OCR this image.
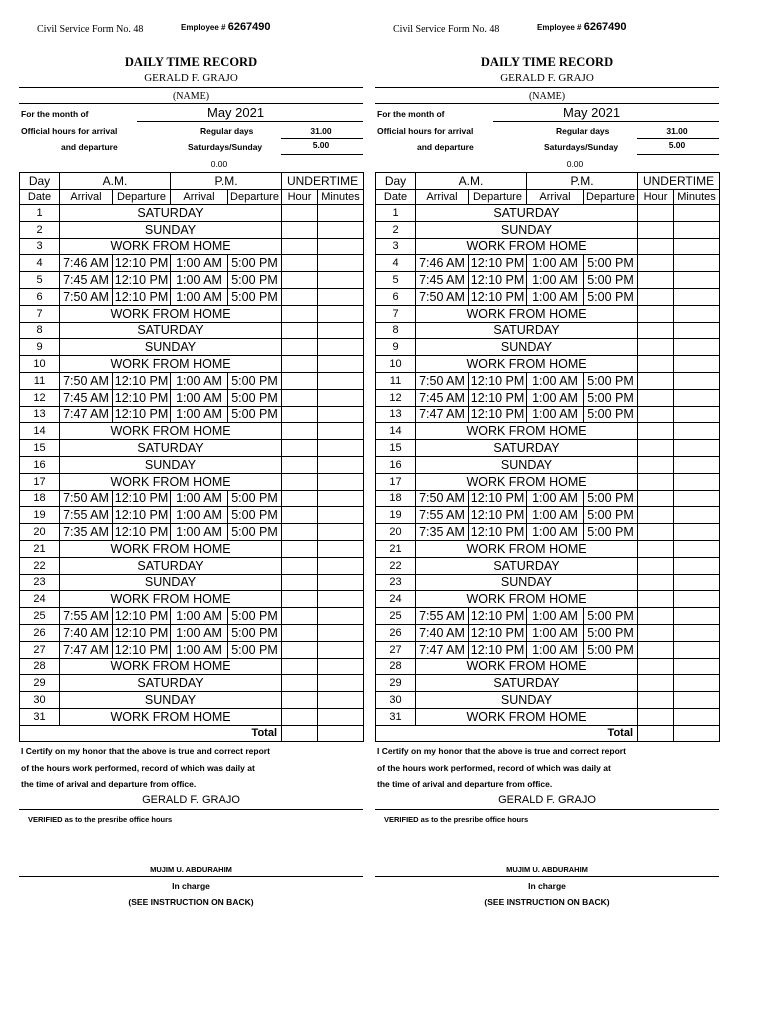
Civil Service Form No. 48	Employee # 6267490
DAILY TIME RECORD
GERALD F. GRAJO
(NAME)
For the month of	May 2021
Official hours for arrival	Regular days	31.00
and departure	Saturdays/Sunday	5.00
0.00
Day	A.M.		P.M.		UNDERTIME	
Date	Arrival	Departure	Arrival	Departure	Hour	Minutes
1	SATURDAY					
2	SUNDAY					
3	WORK FROM HOME					
4	7:46 AM	12:10 PM	1:00 AM	5:00 PM		
5	7:45 AM	12:10 PM	1:00 AM	5:00 PM		
6	7:50 AM	12:10 PM	1:00 AM	5:00 PM		
7	WORK FROM HOME					
8	SATURDAY					
9	SUNDAY					
10	WORK FROM HOME					
11	7:50 AM	12:10 PM	1:00 AM	5:00 PM		
12	7:45 AM	12:10 PM	1:00 AM	5:00 PM		
13	7:47 AM	12:10 PM	1:00 AM	5:00 PM		
14	WORK FROM HOME					
15	SATURDAY					
16	SUNDAY					
17	WORK FROM HOME					
18	7:50 AM	12:10 PM	1:00 AM	5:00 PM		
19	7:55 AM	12:10 PM	1:00 AM	5:00 PM		
20	7:35 AM	12:10 PM	1:00 AM	5:00 PM		
21	WORK FROM HOME					
22	SATURDAY					
23	SUNDAY					
24	WORK FROM HOME					
25	7:55 AM	12:10 PM	1:00 AM	5:00 PM		
26	7:40 AM	12:10 PM	1:00 AM	5:00 PM		
27	7:47 AM	12:10 PM	1:00 AM	5:00 PM		
28	WORK FROM HOME					
29	SATURDAY					
30	SUNDAY					
31	WORK FROM HOME					
Total						
I Certify on my honor that the above is true and correct report
of the hours work performed, record of which was daily at
the time of arival and departure from office.
GERALD F. GRAJO
VERIFIED as to the presribe office hours
MUJIM U. ABDURAHIM
In charge
(SEE INSTRUCTION ON BACK)
Civil Service Form No. 48	Employee # 6267490
DAILY TIME RECORD
GERALD F. GRAJO
(NAME)
For the month of	May 2021
Official hours for arrival	Regular days	31.00
and departure	Saturdays/Sunday	5.00
0.00
Day	A.M.		P.M.		UNDERTIME	
Date	Arrival	Departure	Arrival	Departure	Hour	Minutes
1	SATURDAY					
2	SUNDAY					
3	WORK FROM HOME					
4	7:46 AM	12:10 PM	1:00 AM	5:00 PM		
5	7:45 AM	12:10 PM	1:00 AM	5:00 PM		
6	7:50 AM	12:10 PM	1:00 AM	5:00 PM		
7	WORK FROM HOME					
8	SATURDAY					
9	SUNDAY					
10	WORK FROM HOME					
11	7:50 AM	12:10 PM	1:00 AM	5:00 PM		
12	7:45 AM	12:10 PM	1:00 AM	5:00 PM		
13	7:47 AM	12:10 PM	1:00 AM	5:00 PM		
14	WORK FROM HOME					
15	SATURDAY					
16	SUNDAY					
17	WORK FROM HOME					
18	7:50 AM	12:10 PM	1:00 AM	5:00 PM		
19	7:55 AM	12:10 PM	1:00 AM	5:00 PM		
20	7:35 AM	12:10 PM	1:00 AM	5:00 PM		
21	WORK FROM HOME					
22	SATURDAY					
23	SUNDAY					
24	WORK FROM HOME					
25	7:55 AM	12:10 PM	1:00 AM	5:00 PM		
26	7:40 AM	12:10 PM	1:00 AM	5:00 PM		
27	7:47 AM	12:10 PM	1:00 AM	5:00 PM		
28	WORK FROM HOME					
29	SATURDAY					
30	SUNDAY					
31	WORK FROM HOME					
Total						
I Certify on my honor that the above is true and correct report
of the hours work performed, record of which was daily at
the time of arival and departure from office.
GERALD F. GRAJO
VERIFIED as to the presribe office hours
MUJIM U. ABDURAHIM
In charge
(SEE INSTRUCTION ON BACK)
